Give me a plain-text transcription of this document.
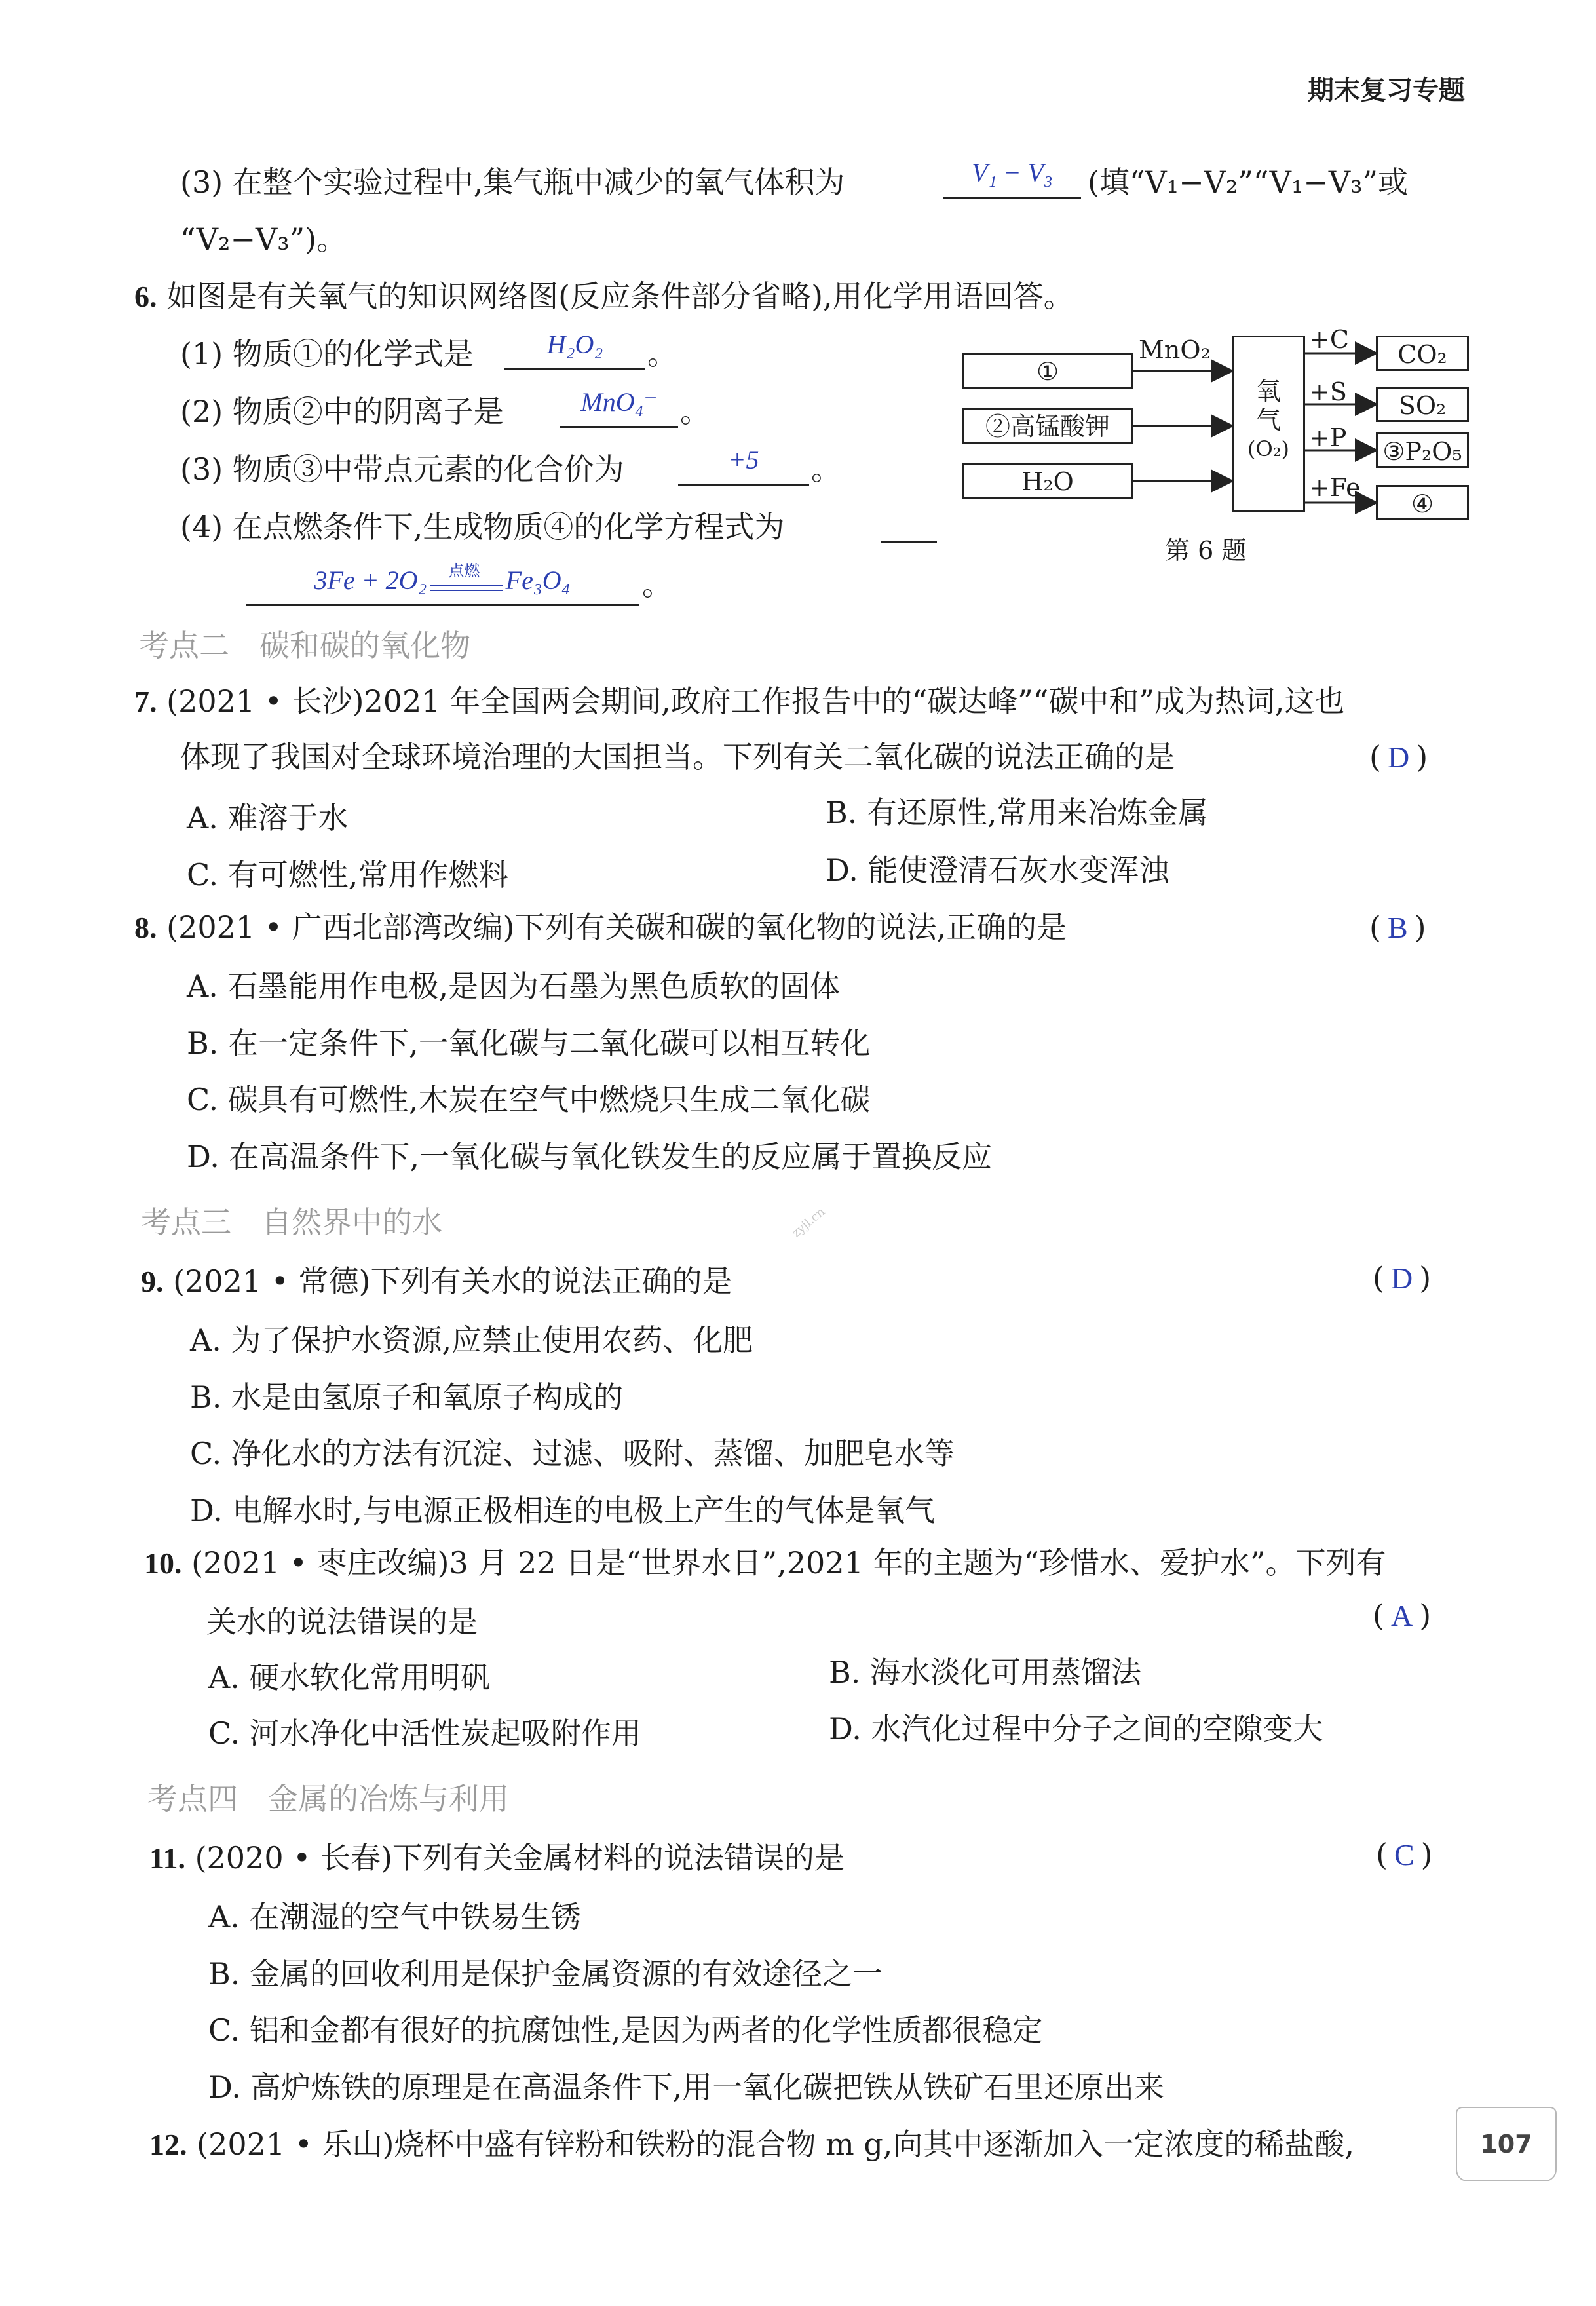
期末复习专题
(3) 在整个实验过程中,集气瓶中减少的氧气体积为	V₁ − V₃	(填“V₁−V₂”“V₁−V₃”或
“V₂−V₃”)。
6. 如图是有关氧气的知识网络图(反应条件部分省略),用化学用语回答。
(1) 物质①的化学式是	H₂O₂	。
(2) 物质②中的阴离子是	MnO₄⁻ 。
(3) 物质③中带点元素的化合价为	+5	。
(4) 在点燃条件下,生成物质④的化学方程式为
3Fe + 2O₂ 点燃 Fe₃O₄	。
①
②高锰酸钾
H₂O
MnO₂
氧
气
(O₂)
+C
+S
+P
+Fe
CO₂
SO₂
③P₂O₅
④
第 6 题
考点二　碳和碳的氧化物
7. (2021 • 长沙)2021 年全国两会期间,政府工作报告中的“碳达峰”“碳中和”成为热词,这也
体现了我国对全球环境治理的大国担当。下列有关二氧化碳的说法正确的是	( D )
A. 难溶于水	B. 有还原性,常用来冶炼金属
C. 有可燃性,常用作燃料	D. 能使澄清石灰水变浑浊
8. (2021 • 广西北部湾改编)下列有关碳和碳的氧化物的说法,正确的是	( B )
A. 石墨能用作电极,是因为石墨为黑色质软的固体
B. 在一定条件下,一氧化碳与二氧化碳可以相互转化
C. 碳具有可燃性,木炭在空气中燃烧只生成二氧化碳
D. 在高温条件下,一氧化碳与氧化铁发生的反应属于置换反应
考点三　自然界中的水	zyjl.cn
9. (2021 • 常德)下列有关水的说法正确的是	( D )
A. 为了保护水资源,应禁止使用农药、化肥
B. 水是由氢原子和氧原子构成的
C. 净化水的方法有沉淀、过滤、吸附、蒸馏、加肥皂水等
D. 电解水时,与电源正极相连的电极上产生的气体是氧气
10. (2021 • 枣庄改编)3 月 22 日是“世界水日”,2021 年的主题为“珍惜水、爱护水”。下列有
关水的说法错误的是	( A )
A. 硬水软化常用明矾	B. 海水淡化可用蒸馏法
C. 河水净化中活性炭起吸附作用	D. 水汽化过程中分子之间的空隙变大
考点四　金属的冶炼与利用
11. (2020 • 长春)下列有关金属材料的说法错误的是	( C )
A. 在潮湿的空气中铁易生锈
B. 金属的回收利用是保护金属资源的有效途径之一
C. 铝和金都有很好的抗腐蚀性,是因为两者的化学性质都很稳定
D. 高炉炼铁的原理是在高温条件下,用一氧化碳把铁从铁矿石里还原出来
12. (2021 • 乐山)烧杯中盛有锌粉和铁粉的混合物 m g,向其中逐渐加入一定浓度的稀盐酸,	107
